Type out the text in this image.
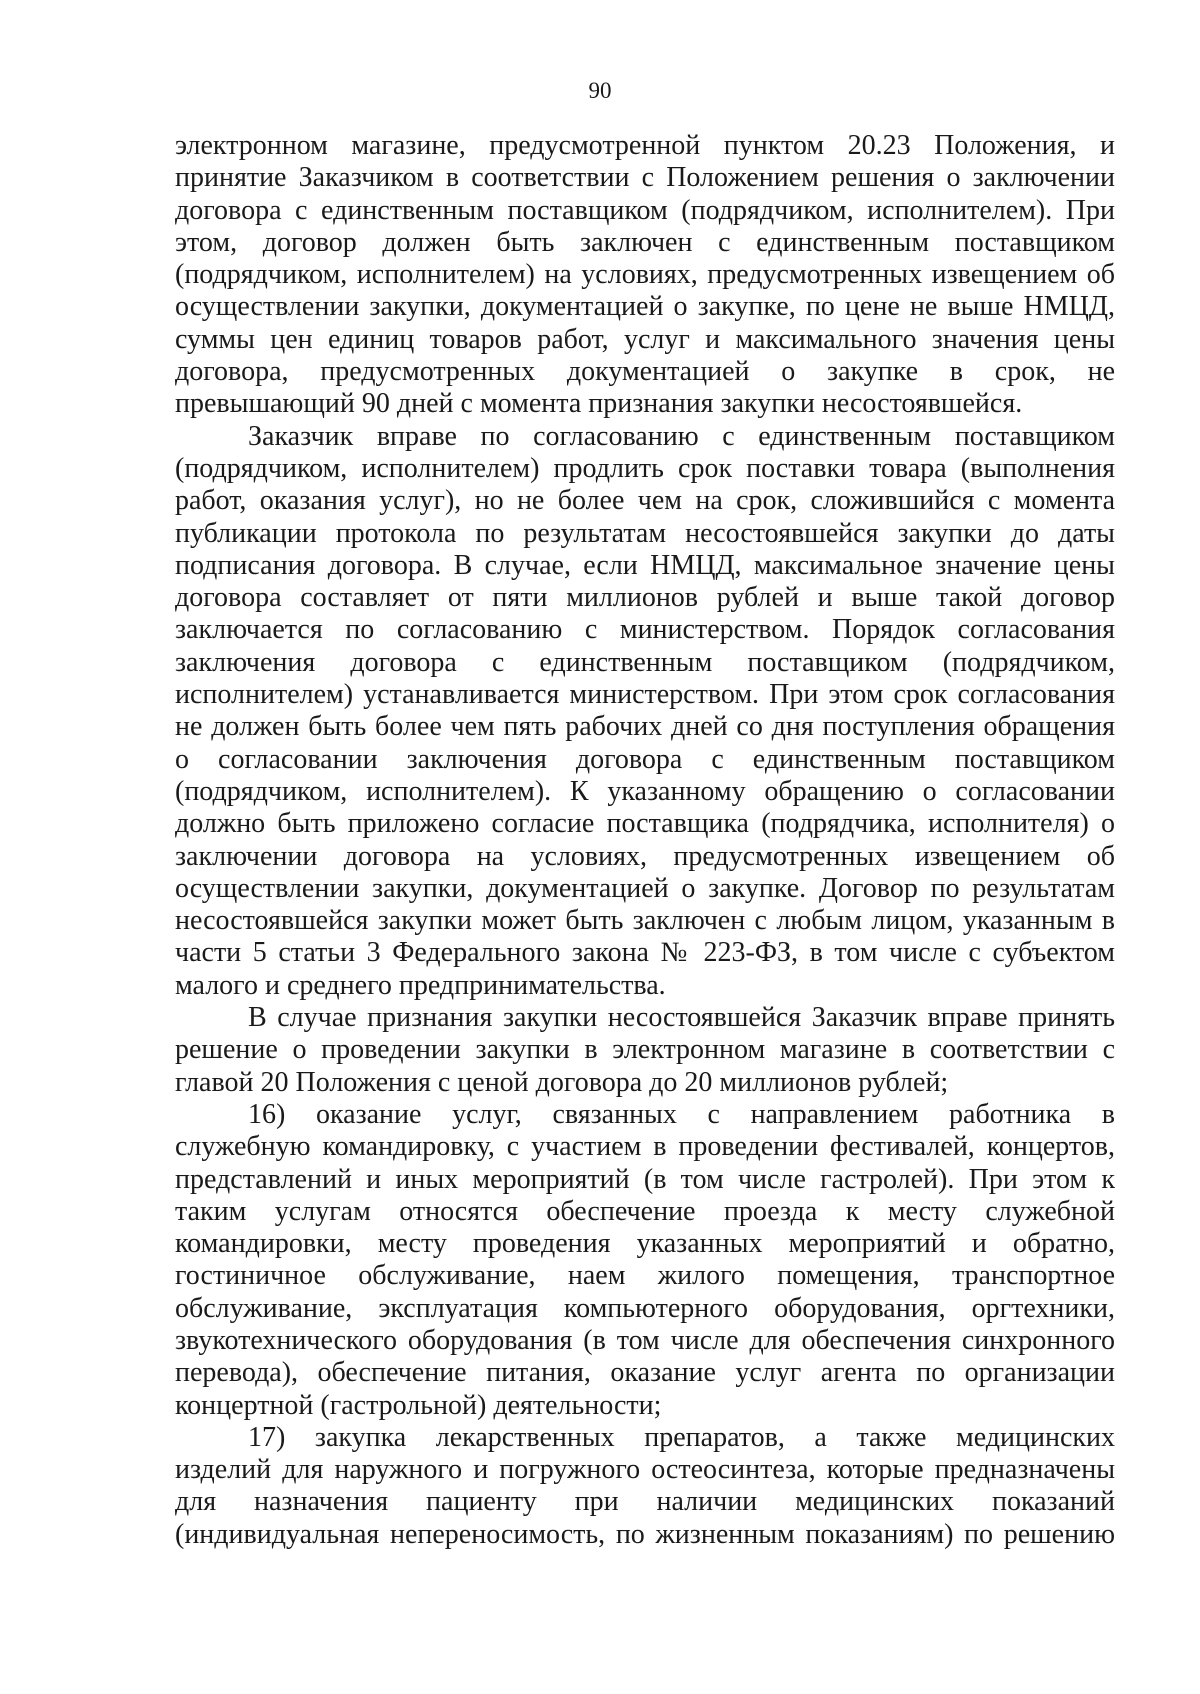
90
электронном магазине, предусмотренной пунктом 20.23 Положения, и
принятие Заказчиком в соответствии с Положением решения о заключении
договора с единственным поставщиком (подрядчиком, исполнителем). При
этом, договор должен быть заключен с единственным поставщиком
(подрядчиком, исполнителем) на условиях, предусмотренных извещением об
осуществлении закупки, документацией о закупке, по цене не выше НМЦД,
суммы цен единиц товаров работ, услуг и максимального значения цены
договора, предусмотренных документацией о закупке в срок, не
превышающий 90 дней с момента признания закупки несостоявшейся.
Заказчик вправе по согласованию с единственным поставщиком
(подрядчиком, исполнителем) продлить срок поставки товара (выполнения
работ, оказания услуг), но не более чем на срок, сложившийся с момента
публикации протокола по результатам несостоявшейся закупки до даты
подписания договора. В случае, если НМЦД, максимальное значение цены
договора составляет от пяти миллионов рублей и выше такой договор
заключается по согласованию с министерством. Порядок согласования
заключения договора с единственным поставщиком (подрядчиком,
исполнителем) устанавливается министерством. При этом срок согласования
не должен быть более чем пять рабочих дней со дня поступления обращения
о согласовании заключения договора с единственным поставщиком
(подрядчиком, исполнителем). К указанному обращению о согласовании
должно быть приложено согласие поставщика (подрядчика, исполнителя) о
заключении договора на условиях, предусмотренных извещением об
осуществлении закупки, документацией о закупке. Договор по результатам
несостоявшейся закупки может быть заключен с любым лицом, указанным в
части 5 статьи 3 Федерального закона № 223-ФЗ, в том числе с субъектом
малого и среднего предпринимательства.
В случае признания закупки несостоявшейся Заказчик вправе принять
решение о проведении закупки в электронном магазине в соответствии с
главой 20 Положения с ценой договора до 20 миллионов рублей;
16) оказание услуг, связанных с направлением работника в
служебную командировку, с участием в проведении фестивалей, концертов,
представлений и иных мероприятий (в том числе гастролей). При этом к
таким услугам относятся обеспечение проезда к месту служебной
командировки, месту проведения указанных мероприятий и обратно,
гостиничное обслуживание, наем жилого помещения, транспортное
обслуживание, эксплуатация компьютерного оборудования, оргтехники,
звукотехнического оборудования (в том числе для обеспечения синхронного
перевода), обеспечение питания, оказание услуг агента по организации
концертной (гастрольной) деятельности;
17) закупка лекарственных препаратов, а также медицинских
изделий для наружного и погружного остеосинтеза, которые предназначены
для назначения пациенту при наличии медицинских показаний
(индивидуальная непереносимость, по жизненным показаниям) по решению
